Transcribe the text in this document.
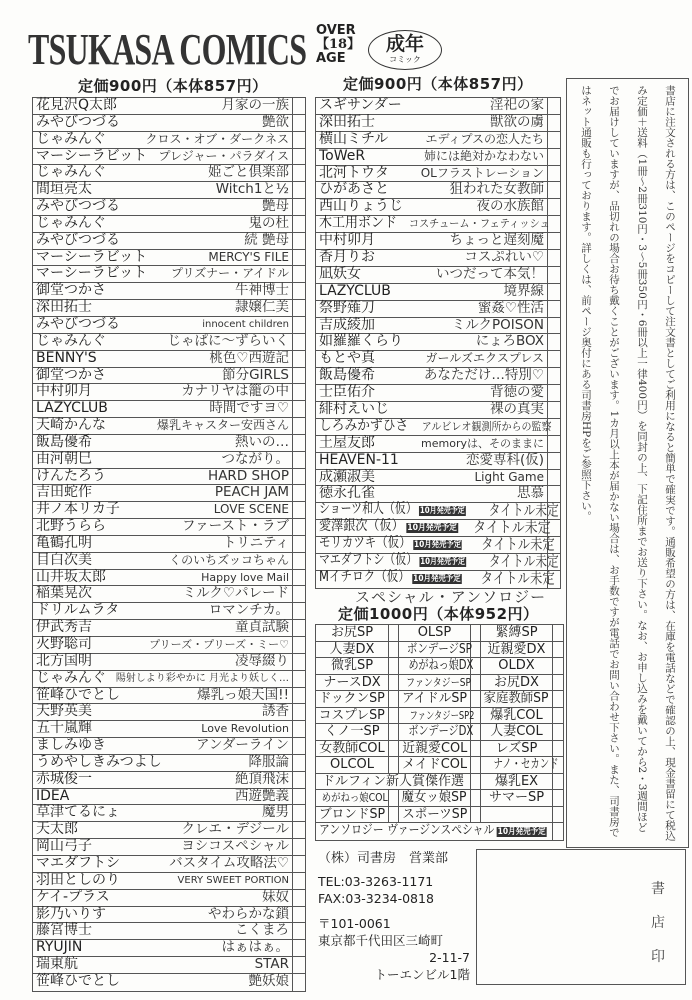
TSUKASA COMICS
定価900円（本体857円）
OVER
【18】
AGE
成年
コミック
定価900円（本体857円）
花見沢Q太郎	月家の一族
みやびつづる	艶欲
じゃみんぐ	クロス・オブ・ダークネス
マーシーラビット プレジャー・パラダイス
じゃみんぐ	姫ごと倶楽部
間垣亮太	Witch1と½
みやびつづる	艶母
じゃみんぐ	鬼の杜
みやびつづる	続 艶母
マーシーラビット	MERCY'S FILE
マーシーラビット	プリズナー・アイドル
御堂つかさ	牛神博士
深田拓士	隷嬢仁美
みやびつづる	innocent children
じゃみんぐ	じゃぱに〜ずらいく
BENNY'S	桃色♡西遊記
御堂つかさ	節分GIRLS
中村卯月	カナリヤは籠の中
LAZYCLUB	時間ですヨ♡
天崎かんな	爆乳キャスター安西さん
飯島優希	熱いの…
由河朝巳	つながり。
けんたろう	HARD SHOP
吉田蛇作	PEACH JAM
井ノ本リカ子	LOVE SCENE
北野うらら	ファースト・ラブ
亀鶴孔明	トリニティ
目白次美	くのいちズッコちゃん
山井坂太郎	Happy love Mail
稲葉晃次	ミルク♡パレード
ドリルムラタ	ロマンチカ。
伊武秀吉	童貞試験
火野聡司	プリーズ・プリーズ・ミー♡
北方国明	凌辱綴り
じゃみんぐ 陽射しより彩やかに 月光より妖しく…
笹峰ひでとし	爆乳っ娘天国!!
天野英美	誘香
五十嵐輝	Love Revolution
ましみゆき	アンダーライン
うめやしきみつよし	降服論
赤城俊一	絶頂飛沫
IDEA	西遊艶義
草津てるにょ	魔男
天太郎	クレエ・デジール
岡山弓子	ヨシコスペシャル
マエダフトシ	バスタイム攻略法♡
羽田としのり	VERY SWEET PORTION
ケイ-プラス	妹奴
影乃いりす	やわらかな鎖
藤宮博士	こくまろ
RYUJIN	はぁはぁ。
瑞東航	STAR
笹峰ひでとし	艶妖娘
スギサンダー	淫祀の家
深田拓士	獣欲の虜
横山ミチル	エディプスの恋人たち
ToWeR	姉には絶対かなわない
北河トウタ	OLフラストレーション
ひがあさと	狙われた女教師
西山りょうじ	夜の水族館
木工用ボンド	コスチューム・フェティッシュ
中村卯月	ちょっと遅刻魔
香月りお	コスぷれい♡
凪妖女	いつだって本気！
LAZYCLUB	境界線
祭野薙刀	蜜姦♡性活
吉成綾加	ミルクPOISON
如羅羅くらり	にょろBOX
もとや真	ガールズエクスプレス
飯島優希	あなただけ…特別♡
士臣佑介	背徳の愛
緋村えいじ	裸の真実
しろみかずひさ	アルビレオ観測所からの監察
土屋友郎	memoryは、そのままに
HEAVEN-11	恋愛専科(仮)
成瀬淑美	Light Game
徳永孔雀	思慕
ショーツ和人（仮） 10月発売予定	タイトル未定
愛澤銀次（仮） 10月発売予定	タイトル未定
モリカツキ（仮） 10月発売予定	タイトル未定
マエダフトシ（仮） 10月発売予定	タイトル未定
Mイチロク（仮） 10月発売予定	タイトル未定
スペシャル・アンソロジー
定価1000円（本体952円）
お尻SP	OLSP	緊縛SP
人妻DX	ボンデージSP	近親愛DX
微乳SP	めがねっ娘DX	OLDX
ナースDX	ファンタジーSP	お尻DX
ドックンSP	アイドルSP	家庭教師SP
コスプレSP	ファンタジーSP2	爆乳COL
くノ一SP	ボンデージDX	人妻COL
女教師COL	近親愛COL	レズSP
OLCOL	メイドCOL	ナノ・セカンド
ドルフィン新人賞傑作選	爆乳EX
めがねっ娘COL	魔女ッ娘SP	サマーSP
ブロンドSP	スポーツSP
アンソロジー ヴァージンスペシャル 10月発売予定	書店に注文される方は、このページをコピーして注文書としてご利用になると簡単で確実です。通販希望の方は、在庫を電話などで確認の上、現金書留にて税込み定価＋送料（1冊～2冊310円・3～5冊350円・6冊以上一律400円）を同封の上、下記住所までお送り下さい。なお、お申し込みを戴いてから2・3週間ほどでお届けしていますが、品切れの場合お待ち戴くことがございます。1カ月以上本が届かない場合は、お手数ですが電話でお問い合わせ下さい。また、司書房ではネット通販も行っております。詳しくは、前ページ奥付にある司書房HPをご参照下さい。
（株）司書房　営業部
TEL:03-3263-1171
FAX:03-3234-0818
〒101-0061
東京都千代田区三崎町
2-11-7
トーエンビル1階
書
店
印
